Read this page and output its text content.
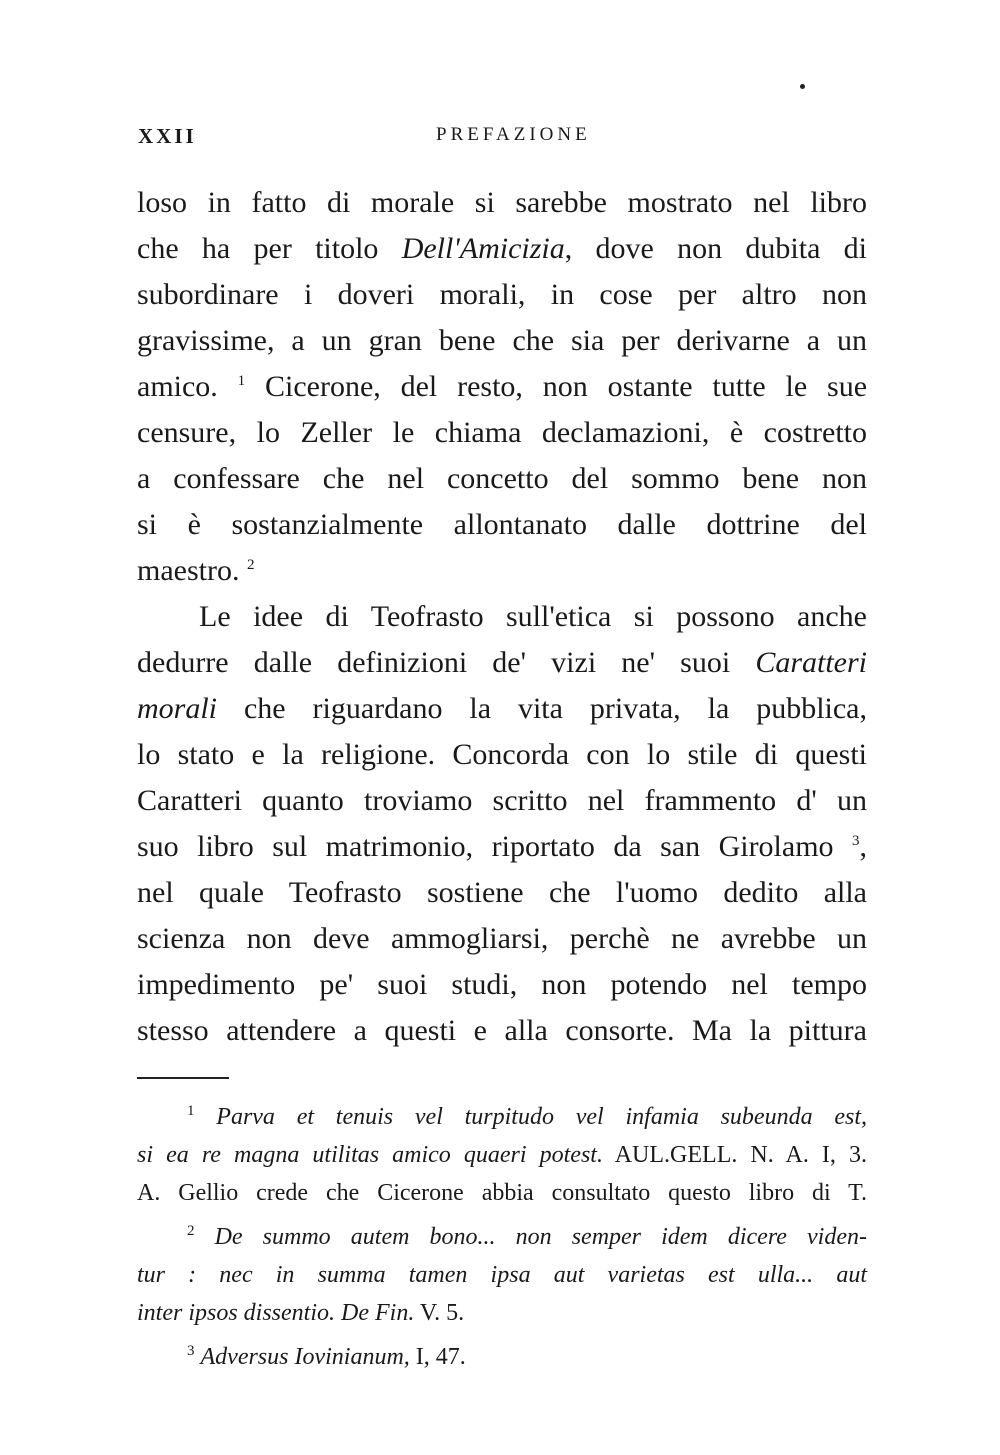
XXII	PREFAZIONE
loso in fatto di morale si sarebbe mostrato nel libro
che ha per titolo Dell'Amicizia, dove non dubita di
subordinare i doveri morali, in cose per altro non
gravissime, a un gran bene che sia per derivarne a un
amico. $^1$ Cicerone, del resto, non ostante tutte le sue
censure, lo Zeller le chiama declamazioni, è costretto
a confessare che nel concetto del sommo bene non
si è sostanzialmente allontanato dalle dottrine del
maestro. $^2$
Le idee di Teofrasto sull'etica si possono anche
dedurre dalle definizioni de' vizi ne' suoi Caratteri
morali che riguardano la vita privata, la pubblica,
lo stato e la religione. Concorda con lo stile di questi
Caratteri quanto troviamo scritto nel frammento d' un
suo libro sul matrimonio, riportato da san Girolamo $^3$,
nel quale Teofrasto sostiene che l'uomo dedito alla
scienza non deve ammogliarsi, perchè ne avrebbe un
impedimento pe' suoi studi, non potendo nel tempo
stesso attendere a questi e alla consorte. Ma la pittura
$^1$ Parva et tenuis vel turpitudo vel infamia subeunda est,
si ea re magna utilitas amico quaeri potest. AUL.GELL. N. A. I, 3.
A. Gellio crede che Cicerone abbia consultato questo libro di T.
$^2$ De summo autem bono... non semper idem dicere viden-
tur : nec in summa tamen ipsa aut varietas est ulla... aut
inter ipsos dissentio. De Fin. V. 5.
$^3$ Adversus Iovinianum, I, 47.
